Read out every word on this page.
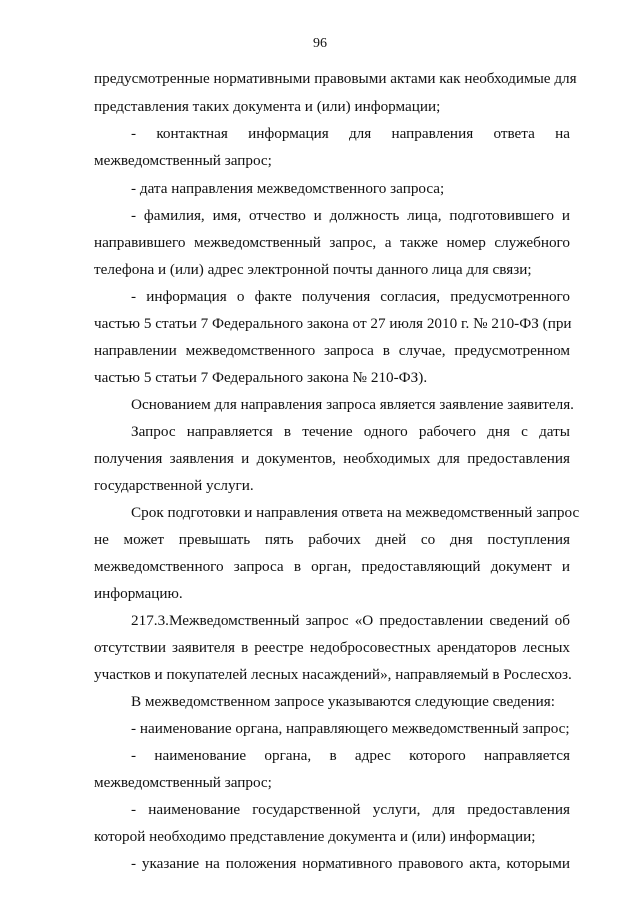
96
предусмотренные нормативными правовыми актами как необходимые для
представления таких документа и (или) информации;
- контактная информация для направления ответа на
межведомственный запрос;
- дата направления межведомственного запроса;
- фамилия, имя, отчество и должность лица, подготовившего и
направившего межведомственный запрос, а также номер служебного
телефона и (или) адрес электронной почты данного лица для связи;
- информация о факте получения согласия, предусмотренного
частью 5 статьи 7 Федерального закона от 27 июля 2010 г. № 210-ФЗ (при
направлении межведомственного запроса в случае, предусмотренном
частью 5 статьи 7 Федерального закона № 210-ФЗ).
Основанием для направления запроса является заявление заявителя.
Запрос направляется в течение одного рабочего дня с даты
получения заявления и документов, необходимых для предоставления
государственной услуги.
Срок подготовки и направления ответа на межведомственный запрос
не может превышать пять рабочих дней со дня поступления
межведомственного запроса в орган, предоставляющий документ и
информацию.
217.3.Межведомственный запрос «О предоставлении сведений об
отсутствии заявителя в реестре недобросовестных арендаторов лесных
участков и покупателей лесных насаждений», направляемый в Рослесхоз.
В межведомственном запросе указываются следующие сведения:
- наименование органа, направляющего межведомственный запрос;
- наименование органа, в адрес которого направляется
межведомственный запрос;
- наименование государственной услуги, для предоставления
которой необходимо представление документа и (или) информации;
- указание на положения нормативного правового акта, которыми
